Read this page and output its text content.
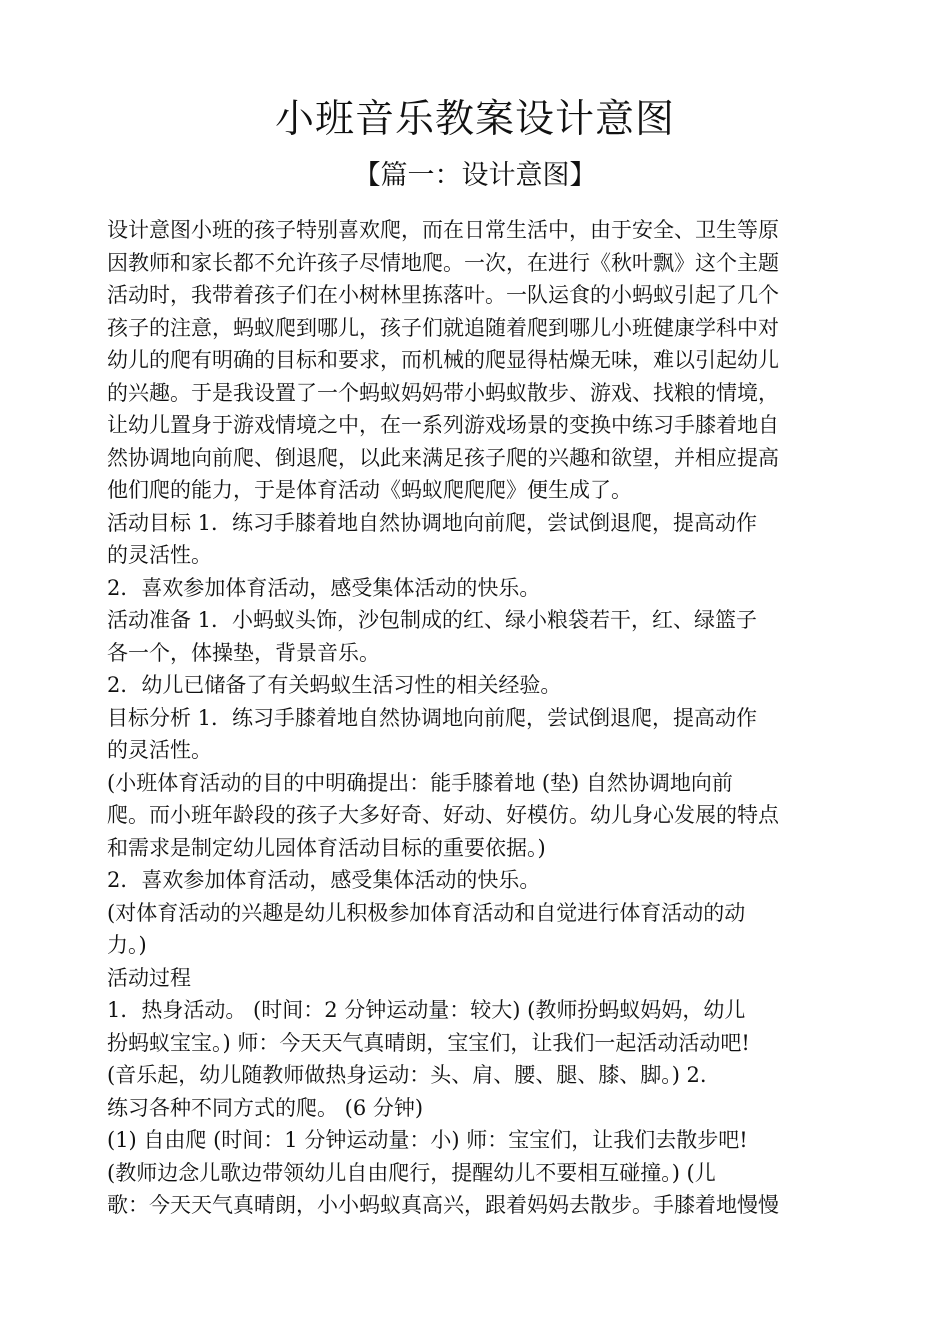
小班音乐教案设计意图
【篇一：设计意图】

设计意图小班的孩子特别喜欢爬，而在日常生活中，由于安全、卫生等原

因教师和家长都不允许孩子尽情地爬。一次，在进行《秋叶飘》这个主题

活动时，我带着孩子们在小树林里拣落叶。一队运食的小蚂蚁引起了几个

孩子的注意，蚂蚁爬到哪儿，孩子们就追随着爬到哪儿小班健康学科中对

幼儿的爬有明确的目标和要求，而机械的爬显得枯燥无味，难以引起幼儿

的兴趣。于是我设置了一个蚂蚁妈妈带小蚂蚁散步、游戏、找粮的情境，

让幼儿置身于游戏情境之中，在一系列游戏场景的变换中练习手膝着地自

然协调地向前爬、倒退爬，以此来满足孩子爬的兴趣和欲望，并相应提高

他们爬的能力，于是体育活动《蚂蚁爬爬爬》便生成了。

活动目标 1．练习手膝着地自然协调地向前爬，尝试倒退爬，提高动作

的灵活性。

2．喜欢参加体育活动，感受集体活动的快乐。

活动准备 1．小蚂蚁头饰，沙包制成的红、绿小粮袋若干，红、绿篮子

各一个，体操垫，背景音乐。

2．幼儿已储备了有关蚂蚁生活习性的相关经验。

目标分析 1．练习手膝着地自然协调地向前爬，尝试倒退爬，提高动作

的灵活性。

(小班体育活动的目的中明确提出：能手膝着地 (垫) 自然协调地向前

爬。而小班年龄段的孩子大多好奇、好动、好模仿。幼儿身心发展的特点

和需求是制定幼儿园体育活动目标的重要依据。)

2．喜欢参加体育活动，感受集体活动的快乐。

(对体育活动的兴趣是幼儿积极参加体育活动和自觉进行体育活动的动

力。)

活动过程

1．热身活动。 (时间：2 分钟运动量：较大) (教师扮蚂蚁妈妈，幼儿

扮蚂蚁宝宝。) 师：今天天气真晴朗，宝宝们，让我们一起活动活动吧!

(音乐起，幼儿随教师做热身运动：头、肩、腰、腿、膝、脚。) 2.

练习各种不同方式的爬。 (6 分钟)

(1) 自由爬 (时间：1 分钟运动量：小) 师：宝宝们，让我们去散步吧!

(教师边念儿歌边带领幼儿自由爬行，提醒幼儿不要相互碰撞。) (儿

歌：今天天气真晴朗，小小蚂蚁真高兴，跟着妈妈去散步。手膝着地慢慢
